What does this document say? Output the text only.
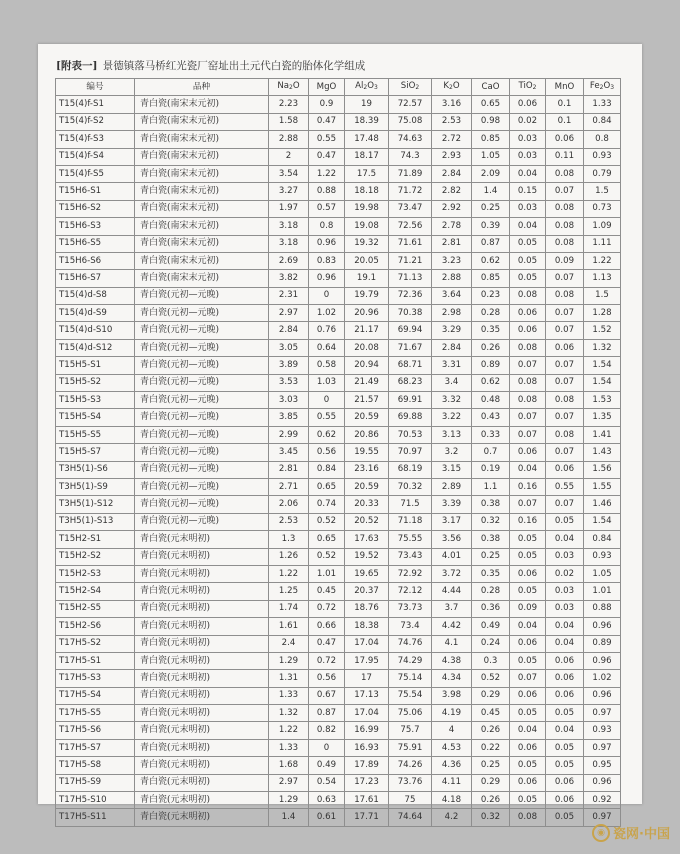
[附表一] 景德镇落马桥红光瓷厂窑址出土元代白瓷的胎体化学组成
编号	品种	$Na_2O$	MgO	$Al_2O_3$	SiO$_2$	$K_2O$	CaO	TiO$_2$	MnO	$Fe_2O_3$
T15(4)f-S1	青白瓷(南宋末元初)	2.23	0.9	19	72.57	3.16	0.65	0.06	0.1	1.33
T15(4)f-S2	青白瓷(南宋末元初)	1.58	0.47	18.39	75.08	2.53	0.98	0.02	0.1	0.84
T15(4)f-S3	青白瓷(南宋末元初)	2.88	0.55	17.48	74.63	2.72	0.85	0.03	0.06	0.8
T15(4)f-S4	青白瓷(南宋末元初)	2	0.47	18.17	74.3	2.93	1.05	0.03	0.11	0.93
T15(4)f-S5	青白瓷(南宋末元初)	3.54	1.22	17.5	71.89	2.84	2.09	0.04	0.08	0.79
T15H6-S1	青白瓷(南宋末元初)	3.27	0.88	18.18	71.72	2.82	1.4	0.15	0.07	1.5
T15H6-S2	青白瓷(南宋末元初)	1.97	0.57	19.98	73.47	2.92	0.25	0.03	0.08	0.73
T15H6-S3	青白瓷(南宋末元初)	3.18	0.8	19.08	72.56	2.78	0.39	0.04	0.08	1.09
T15H6-S5	青白瓷(南宋末元初)	3.18	0.96	19.32	71.61	2.81	0.87	0.05	0.08	1.11
T15H6-S6	青白瓷(南宋末元初)	2.69	0.83	20.05	71.21	3.23	0.62	0.05	0.09	1.22
T15H6-S7	青白瓷(南宋末元初)	3.82	0.96	19.1	71.13	2.88	0.85	0.05	0.07	1.13
T15(4)d-S8	青白瓷(元初—元晚)	2.31	0	19.79	72.36	3.64	0.23	0.08	0.08	1.5
T15(4)d-S9	青白瓷(元初—元晚)	2.97	1.02	20.96	70.38	2.98	0.28	0.06	0.07	1.28
T15(4)d-S10	青白瓷(元初—元晚)	2.84	0.76	21.17	69.94	3.29	0.35	0.06	0.07	1.52
T15(4)d-S12	青白瓷(元初—元晚)	3.05	0.64	20.08	71.67	2.84	0.26	0.08	0.06	1.32
T15H5-S1	青白瓷(元初—元晚)	3.89	0.58	20.94	68.71	3.31	0.89	0.07	0.07	1.54
T15H5-S2	青白瓷(元初—元晚)	3.53	1.03	21.49	68.23	3.4	0.62	0.08	0.07	1.54
T15H5-S3	青白瓷(元初—元晚)	3.03	0	21.57	69.91	3.32	0.48	0.08	0.08	1.53
T15H5-S4	青白瓷(元初—元晚)	3.85	0.55	20.59	69.88	3.22	0.43	0.07	0.07	1.35
T15H5-S5	青白瓷(元初—元晚)	2.99	0.62	20.86	70.53	3.13	0.33	0.07	0.08	1.41
T15H5-S7	青白瓷(元初—元晚)	3.45	0.56	19.55	70.97	3.2	0.7	0.06	0.07	1.43
T3H5(1)-S6	青白瓷(元初—元晚)	2.81	0.84	23.16	68.19	3.15	0.19	0.04	0.06	1.56
T3H5(1)-S9	青白瓷(元初—元晚)	2.71	0.65	20.59	70.32	2.89	1.1	0.16	0.55	1.55
T3H5(1)-S12	青白瓷(元初—元晚)	2.06	0.74	20.33	71.5	3.39	0.38	0.07	0.07	1.46
T3H5(1)-S13	青白瓷(元初—元晚)	2.53	0.52	20.52	71.18	3.17	0.32	0.16	0.05	1.54
T15H2-S1	青白瓷(元末明初)	1.3	0.65	17.63	75.55	3.56	0.38	0.05	0.04	0.84
T15H2-S2	青白瓷(元末明初)	1.26	0.52	19.52	73.43	4.01	0.25	0.05	0.03	0.93
T15H2-S3	青白瓷(元末明初)	1.22	1.01	19.65	72.92	3.72	0.35	0.06	0.02	1.05
T15H2-S4	青白瓷(元末明初)	1.25	0.45	20.37	72.12	4.44	0.28	0.05	0.03	1.01
T15H2-S5	青白瓷(元末明初)	1.74	0.72	18.76	73.73	3.7	0.36	0.09	0.03	0.88
T15H2-S6	青白瓷(元末明初)	1.61	0.66	18.38	73.4	4.42	0.49	0.04	0.04	0.96
T17H5-S2	青白瓷(元末明初)	2.4	0.47	17.04	74.76	4.1	0.24	0.06	0.04	0.89
T17H5-S1	青白瓷(元末明初)	1.29	0.72	17.95	74.29	4.38	0.3	0.05	0.06	0.96
T17H5-S3	青白瓷(元末明初)	1.31	0.56	17	75.14	4.34	0.52	0.07	0.06	1.02
T17H5-S4	青白瓷(元末明初)	1.33	0.67	17.13	75.54	3.98	0.29	0.06	0.06	0.96
T17H5-S5	青白瓷(元末明初)	1.32	0.87	17.04	75.06	4.19	0.45	0.05	0.05	0.97
T17H5-S6	青白瓷(元末明初)	1.22	0.82	16.99	75.7	4	0.26	0.04	0.04	0.93
T17H5-S7	青白瓷(元末明初)	1.33	0	16.93	75.91	4.53	0.22	0.06	0.05	0.97
T17H5-S8	青白瓷(元末明初)	1.68	0.49	17.89	74.26	4.36	0.25	0.05	0.05	0.95
T17H5-S9	青白瓷(元末明初)	2.97	0.54	17.23	73.76	4.11	0.29	0.06	0.06	0.96
T17H5-S10	青白瓷(元末明初)	1.29	0.63	17.61	75	4.18	0.26	0.05	0.06	0.92
T17H5-S11	青白瓷(元末明初)	1.4	0.61	17.71	74.64	4.2	0.32	0.08	0.05	0.97
◉ 瓷网·中国
